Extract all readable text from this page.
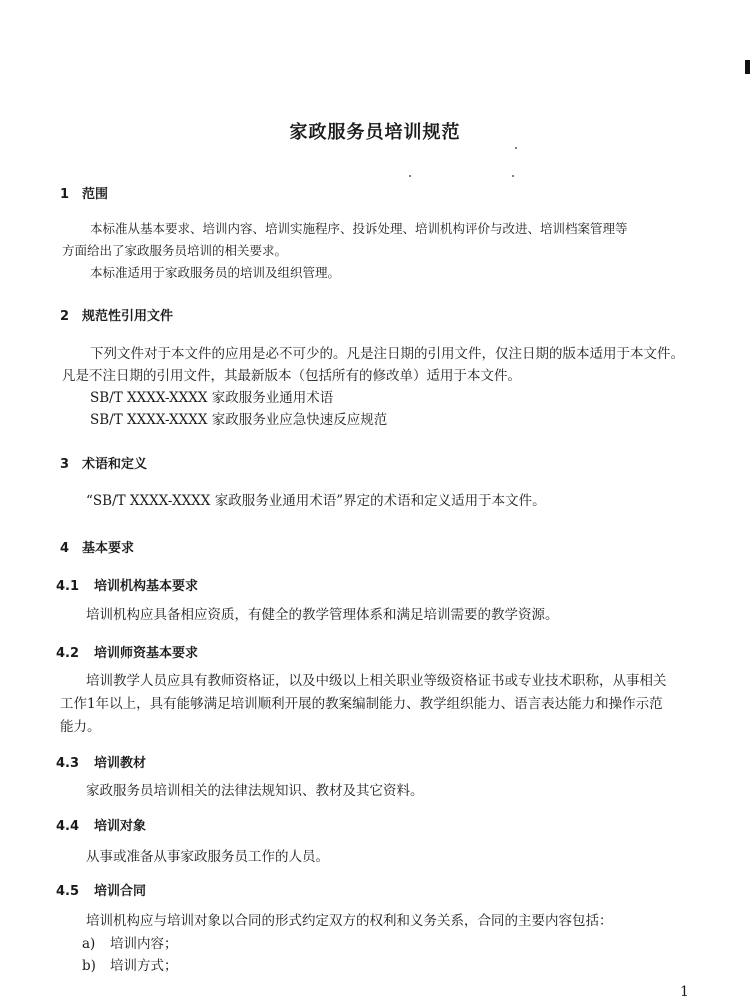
家政服务员培训规范
1 范围
本标准从基本要求、培训内容、培训实施程序、投诉处理、培训机构评价与改进、培训档案管理等
方面给出了家政服务员培训的相关要求。
本标准适用于家政服务员的培训及组织管理。
2 规范性引用文件
下列文件对于本文件的应用是必不可少的。凡是注日期的引用文件，仅注日期的版本适用于本文件。
凡是不注日期的引用文件，其最新版本（包括所有的修改单）适用于本文件。
SB/T XXXX-XXXX 家政服务业通用术语
SB/T XXXX-XXXX 家政服务业应急快速反应规范
3 术语和定义
“SB/T XXXX-XXXX 家政服务业通用术语”界定的术语和定义适用于本文件。
4 基本要求
4.1 培训机构基本要求
培训机构应具备相应资质，有健全的教学管理体系和满足培训需要的教学资源。
4.2 培训师资基本要求
培训教学人员应具有教师资格证，以及中级以上相关职业等级资格证书或专业技术职称，从事相关
工作1年以上，具有能够满足培训顺利开展的教案编制能力、教学组织能力、语言表达能力和操作示范
能力。
4.3 培训教材
家政服务员培训相关的法律法规知识、教材及其它资料。
4.4 培训对象
从事或准备从事家政服务员工作的人员。
4.5 培训合同
培训机构应与培训对象以合同的形式约定双方的权利和义务关系，合同的主要内容包括：
a) 培训内容；
b) 培训方式；
1
